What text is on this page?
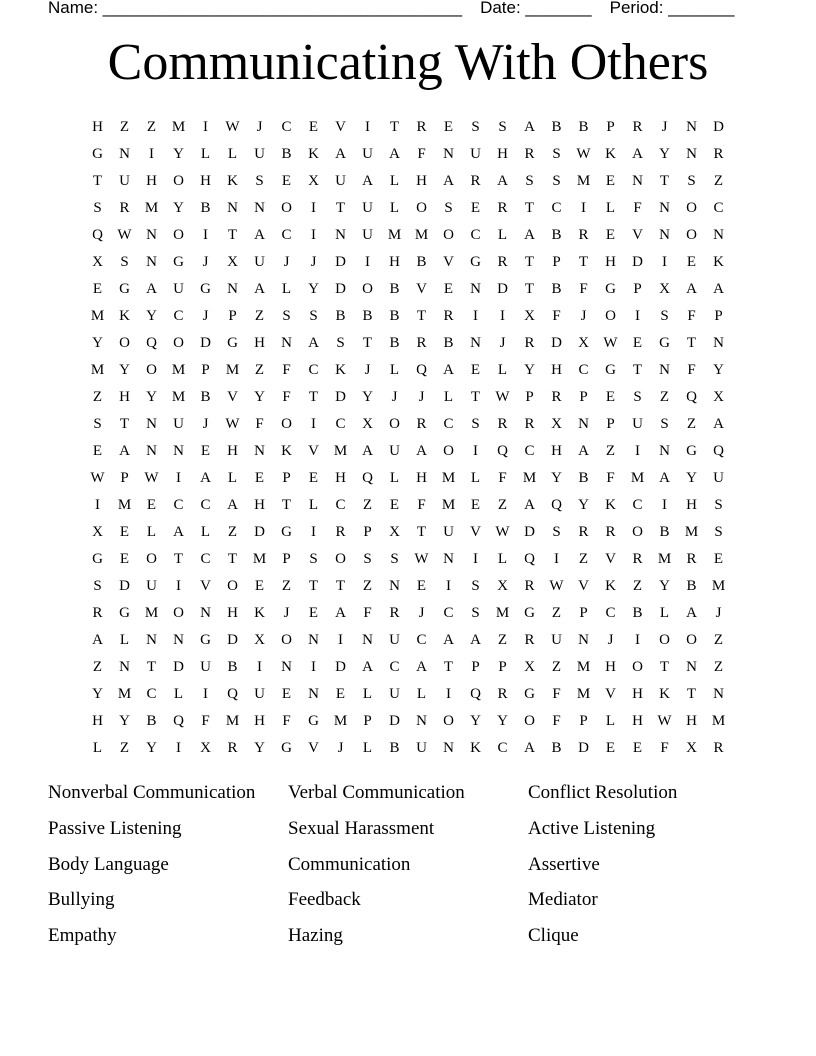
Name: ______________________________________ Date: _______ Period: _______
Communicating With Others
H	Z	Z	M	I	W	J	C	E	V	I	T	R	E	S	S	A	B	B	P	R	J	N	D
G	N	I	Y	L	L	U	B	K	A	U	A	F	N	U	H	R	S	W K	A	Y	N	R
T	U	H	O	H	K	S	E	X	U	A	L	H	A	R	A	S	S	M	E	N	T	S	Z
S	R	M Y	B	N	N	O	I	T	U	L	O	S	E	R	T	C	I	L	F	N	O	C
Q W N	O	I	T	A	C	I	N	U M M O	C	L	A	B	R	E	V	N	O	N
X	S	N	G	J	X	U	J	J	D	I	H	B	V	G	R	T	P	T	H	D	I	E	K
E	G	A	U	G	N	A	L	Y	D	O	B	V	E	N	D	T	B	F	G	P	X	A	A
M K	Y	C	J	P	Z	S	S	B	B	B	T	R	I	I	X	F	J	O	I	S	F	P
Y	O	Q	O	D	G	H	N	A	S	T	B	R	B	N	J	R	D	X W	E	G	T	N
M Y	O M	P	M	Z	F	C	K	J	L	Q	A	E	L	Y	H	C	G	T	N	F	Y
Z	H	Y M	B	V	Y	F	T	D	Y	J	J	L	T	W	P	R	P	E	S	Z	Q	X
S	T	N	U	J	W	F	O	I	C	X	O	R	C	S	R	R	X	N	P	U	S	Z	A
E	A	N	N	E	H	N	K	V M A	U	A	O	I	Q	C	H	A	Z	I	N	G	Q
W	P	W	I	A	L	E	P	E	H	Q	L	H M	L	F	M Y	B	F	M A	Y	U
I	M	E	C	C	A	H	T	L	C	Z	E	F	M	E	Z	A	Q	Y	K	C	I	H	S
X	E	L	A	L	Z	D	G	I	R	P	X	T	U	V W D	S	R	R	O	B	M	S
G	E	O	T	C	T	M	P	S	O	S	S	W N	I	L	Q	I	Z	V	R	M	R	E
S	D	U	I	V	O	E	Z	T	T	Z	N	E	I	S	X	R W V	K	Z	Y	B	M
R	G M O	N	H	K	J	E	A	F	R	J	C	S	M G	Z	P	C	B	L	A	J
A	L	N	N	G	D	X	O	N	I	N	U	C	A	A	Z	R	U	N	J	I	O	O	Z
Z	N	T	D	U	B	I	N	I	D	A	C	A	T	P	P	X	Z	M H	O	T	N	Z
Y M	C	L	I	Q	U	E	N	E	L	U	L	I	Q	R	G	F	M V	H	K	T	N
H	Y	B	Q	F	M H	F	G M	P	D	N	O	Y	Y	O	F	P	L	H W H M
L	Z	Y	I	X	R	Y	G	V	J	L	B	U	N	K	C	A	B	D	E	E	F	X	R
Nonverbal Communication	Verbal Communication	Conflict Resolution
Passive Listening	Sexual Harassment	Active Listening
Body Language	Communication	Assertive
Bullying	Feedback	Mediator
Empathy	Hazing	Clique
